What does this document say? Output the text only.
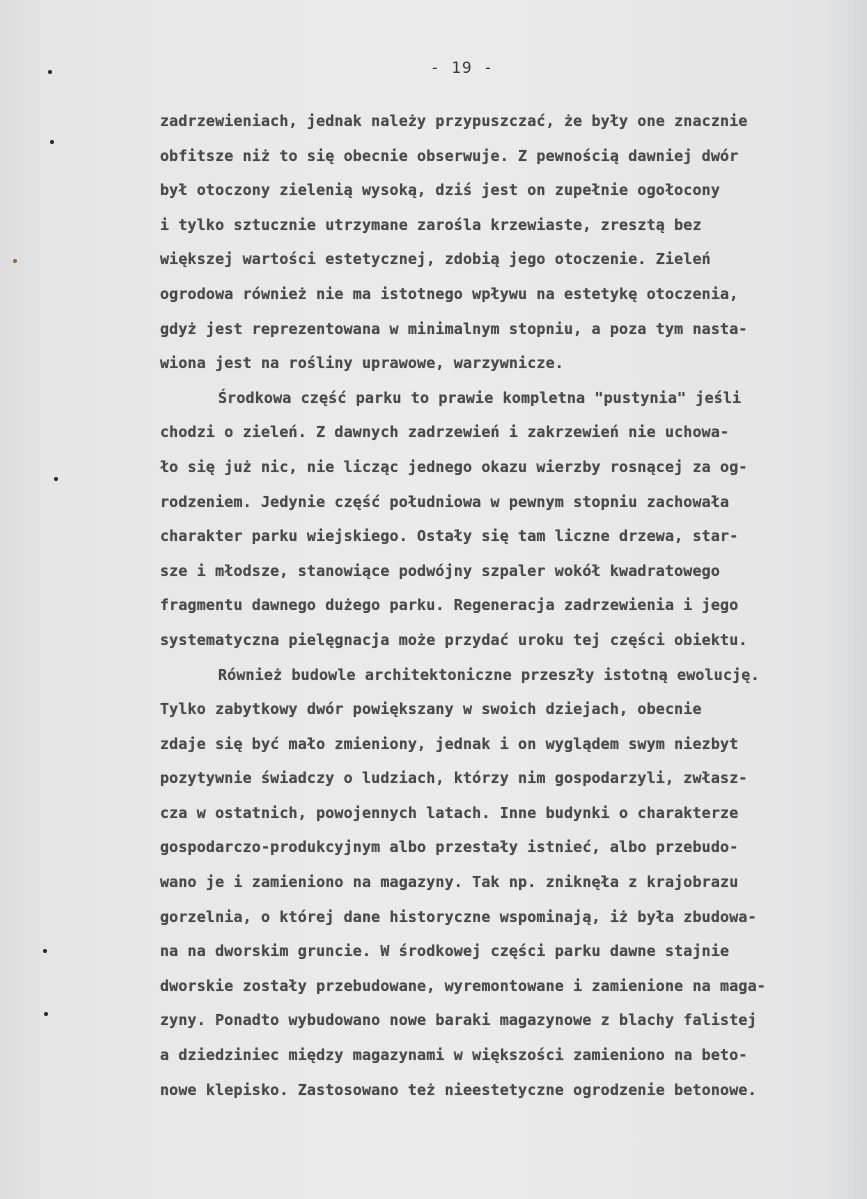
- 19 -
zadrzewieniach, jednak należy przypuszczać, że były one znacznie
obfitsze niż to się obecnie obserwuje. Z pewnością dawniej dwór
był otoczony zielenią wysoką, dziś jest on zupełnie ogołocony
i tylko sztucznie utrzymane zarośla krzewiaste, zresztą bez
większej wartości estetycznej, zdobią jego otoczenie. Zieleń
ogrodowa również nie ma istotnego wpływu na estetykę otoczenia,
gdyż jest reprezentowana w minimalnym stopniu, a poza tym nasta-
wiona jest na rośliny uprawowe, warzywnicze.
Środkowa część parku to prawie kompletna "pustynia" jeśli
chodzi o zieleń. Z dawnych zadrzewień i zakrzewień nie uchowa-
ło się już nic, nie licząc jednego okazu wierzby rosnącej za og-
rodzeniem. Jedynie część południowa w pewnym stopniu zachowała
charakter parku wiejskiego. Ostały się tam liczne drzewa, star-
sze i młodsze, stanowiące podwójny szpaler wokół kwadratowego
fragmentu dawnego dużego parku. Regeneracja zadrzewienia i jego
systematyczna pielęgnacja może przydać uroku tej części obiektu.
Również budowle architektoniczne przeszły istotną ewolucję.
Tylko zabytkowy dwór powiększany w swoich dziejach, obecnie
zdaje się być mało zmieniony, jednak i on wyglądem swym niezbyt
pozytywnie świadczy o ludziach, którzy nim gospodarzyli, zwłasz-
cza w ostatnich, powojennych latach. Inne budynki o charakterze
gospodarczo-produkcyjnym albo przestały istnieć, albo przebudo-
wano je i zamieniono na magazyny. Tak np. zniknęła z krajobrazu
gorzelnia, o której dane historyczne wspominają, iż była zbudowa-
na na dworskim gruncie. W środkowej części parku dawne stajnie
dworskie zostały przebudowane, wyremontowane i zamienione na maga-
zyny. Ponadto wybudowano nowe baraki magazynowe z blachy falistej
a dziedziniec między magazynami w większości zamieniono na beto-
nowe klepisko. Zastosowano też nieestetyczne ogrodzenie betonowe.
